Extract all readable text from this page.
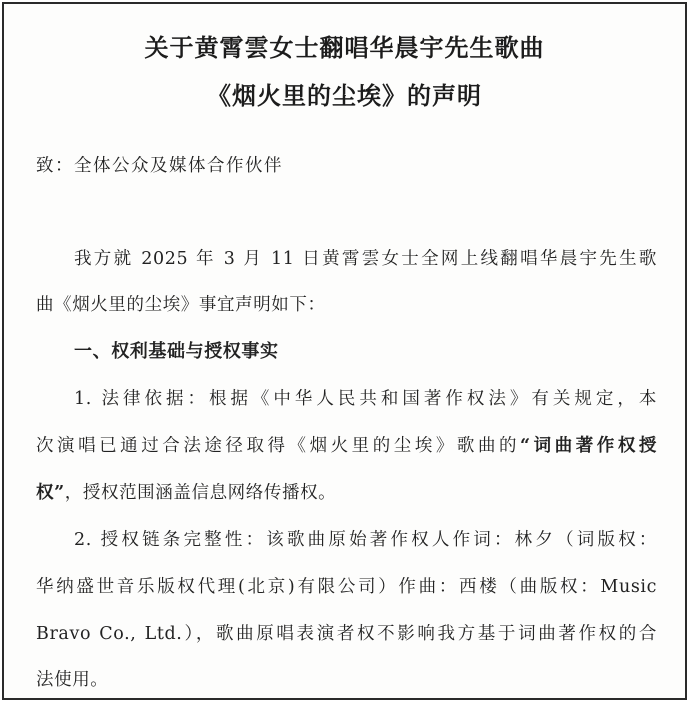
关于黄霄雲女士翻唱华晨宇先生歌曲
《烟火里的尘埃》的声明
致：全体公众及媒体合作伙伴
我方就 2025 年 3 月 11 日黄霄雲女士全网上线翻唱华晨宇先生歌
曲《烟火里的尘埃》事宜声明如下：
一、权利基础与授权事实
1. 法律依据：根据《中华人民共和国著作权法》有关规定，本
次演唱已通过合法途径取得《烟火里的尘埃》歌曲的“词曲著作权授
权”，授权范围涵盖信息网络传播权。
2. 授权链条完整性：该歌曲原始著作权人作词：林夕（词版权：
华纳盛世音乐版权代理(北京)有限公司）作曲：西楼（曲版权：Music
Bravo Co., Ltd.），歌曲原唱表演者权不影响我方基于词曲著作权的合
法使用。
